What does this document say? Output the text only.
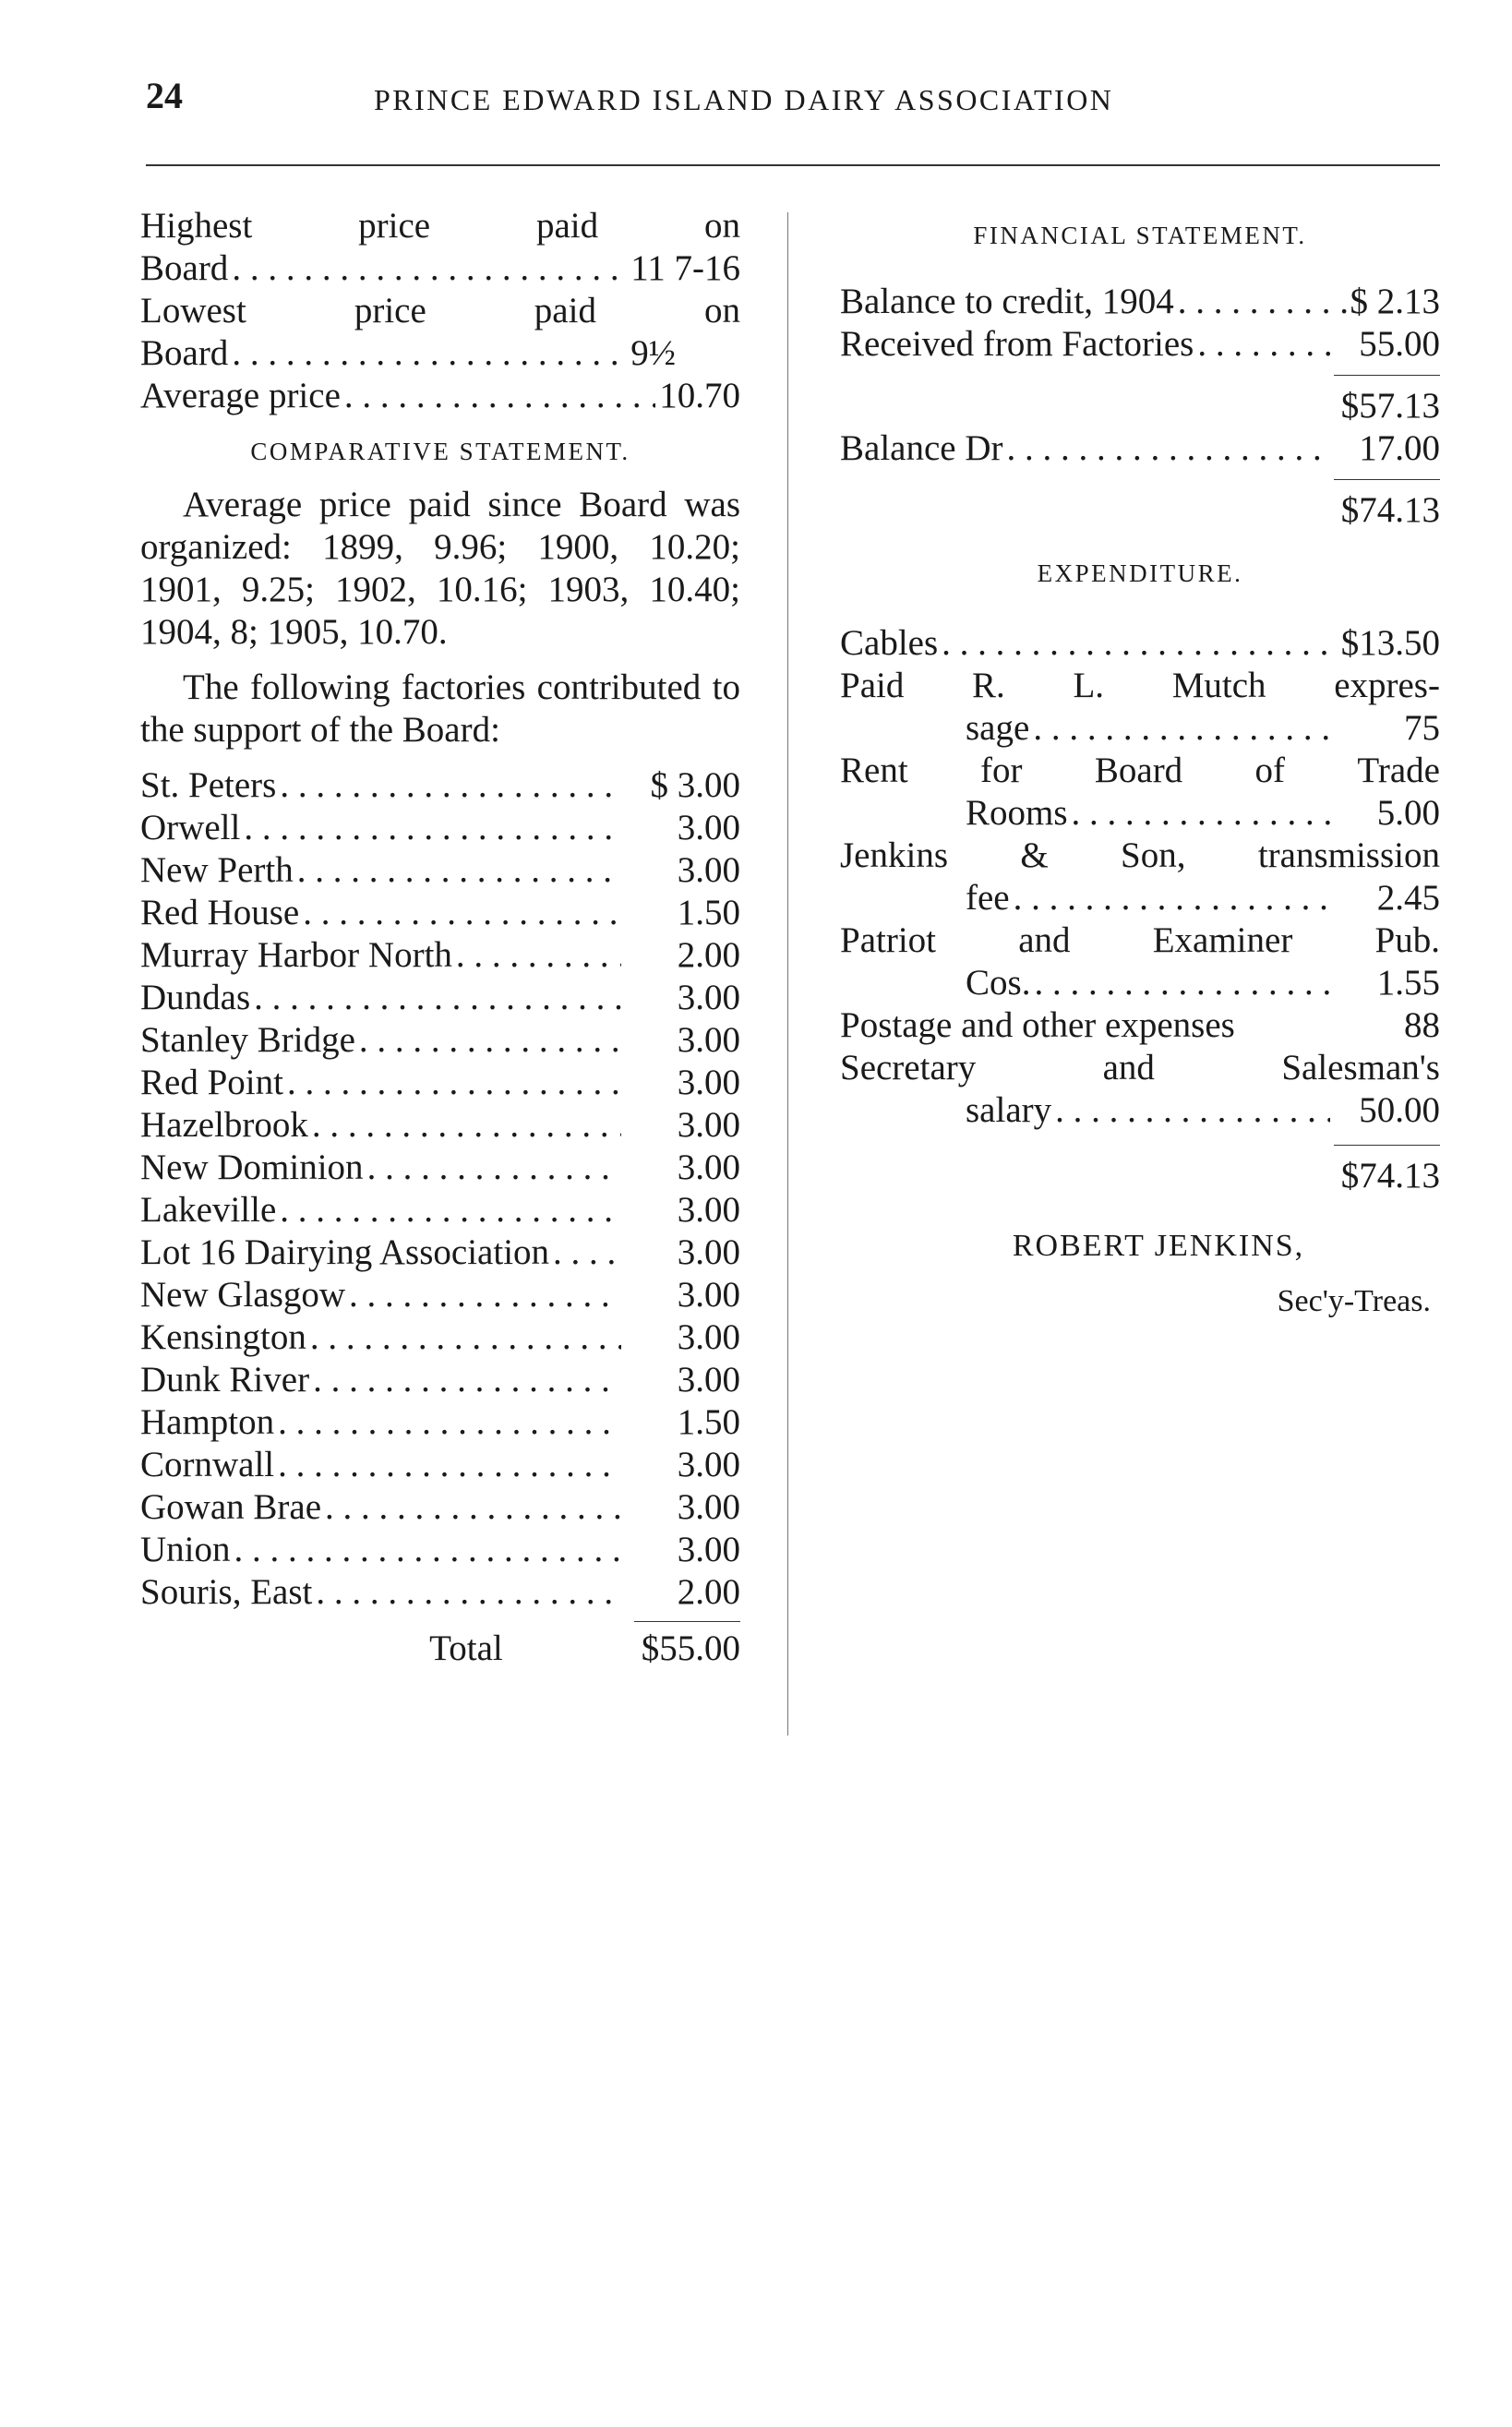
24	PRINCE EDWARD ISLAND DAIRY ASSOCIATION
Highest	price	paid	on
Board . . .	11 7-16
Lowest	price	paid	on
Board . . .	9½
Average price . . .	10.70
COMPARATIVE STATEMENT.

Average price paid since Board was organized: 1899, 9.96; 1900, 10.20; 1901, 9.25; 1902, 10.16; 1903, 10.40; 1904, 8; 1905, 10.70.

The following factories contributed to the support of the Board:

St. Peters . . .	$ 3.00
Orwell . . .	3.00
New Perth . . .	3.00
Red House . . .	1.50
Murray Harbor North . . .	2.00
Dundas . . .	3.00
Stanley Bridge . . .	3.00
Red Point . . .	3.00
Hazelbrook . . .	3.00
New Dominion . . .	3.00
Lakeville . . .	3.00
Lot 16 Dairying Association . . .	3.00
New Glasgow . . .	3.00
Kensington . . .	3.00
Dunk River . . .	3.00
Hampton . . .	1.50
Cornwall . . .	3.00
Gowan Brae . . .	3.00
Union . . .	3.00
Souris, East . . .	2.00
Total	$55.00
FINANCIAL STATEMENT.
Balance to credit, 1904 . . .	$ 2.13
Received from Factories . . .	55.00
$57.13
Balance Dr . . .	17.00
$74.13
EXPENDITURE.
Cables . . .	$13.50
Paid R. L. Mutch expres-
sage . . .	75
Rent for Board of Trade
Rooms . . .	5.00
Jenkins & Son, transmission
fee . . .	2.45
Patriot and Examiner Pub.
Cos. . . .	1.55
Postage and other expenses	88
Secretary	and	Salesman's
salary . . .	50.00
$74.13
ROBERT JENKINS,
Sec'y-Treas.
